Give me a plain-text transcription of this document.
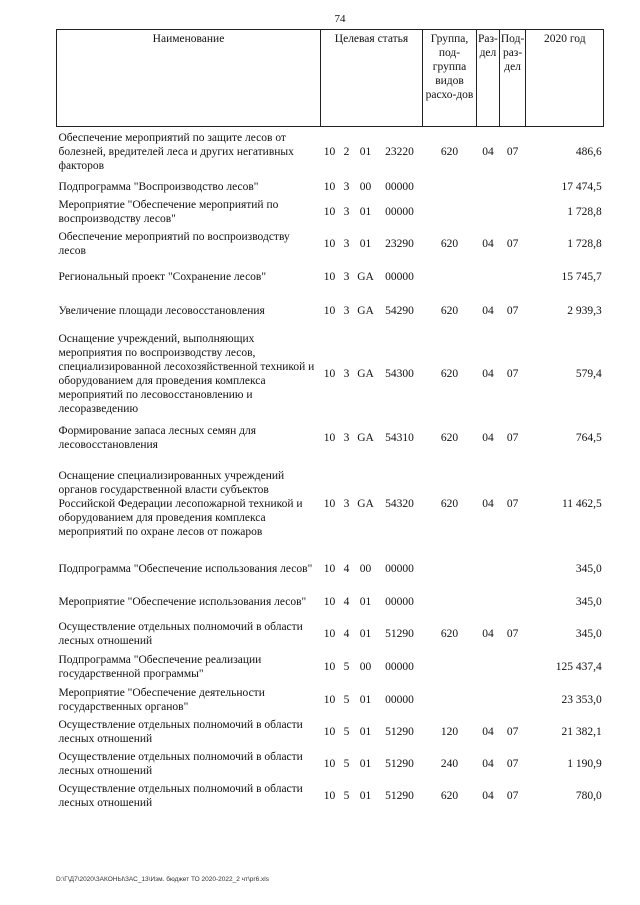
74
Наименование	Целевая статья				Группа, под-группа видов расхо-дов	Раз-дел	Под-раз-дел	2020 год
Обеспечение мероприятий по защите лесов от болезней, вредителей леса и других негативных факторов	10	2	01	23220	620	04	07	486,6
Подпрограмма "Воспроизводство лесов"	10	3	00	00000				17 474,5
Мероприятие "Обеспечение мероприятий по воспроизводству лесов"	10	3	01	00000				1 728,8
Обеспечение мероприятий по воспроизводству лесов	10	3	01	23290	620	04	07	1 728,8
Региональный проект "Сохранение лесов"	10	3	GA	00000				15 745,7
Увеличение площади лесовосстановления	10	3	GA	54290	620	04	07	2 939,3
Оснащение учреждений, выполняющих мероприятия по воспроизводству лесов, специализированной лесохозяйственной техникой и оборудованием для проведения комплекса мероприятий по лесовосстановлению и лесоразведению	10	3	GA	54300	620	04	07	579,4
Формирование запаса лесных семян для лесовосстановления	10	3	GA	54310	620	04	07	764,5
Оснащение специализированных учреждений органов государственной власти субъектов Российской Федерации лесопожарной техникой и оборудованием для проведения комплекса мероприятий по охране лесов от пожаров	10	3	GA	54320	620	04	07	11 462,5
Подпрограмма "Обеспечение использования лесов"	10	4	00	00000				345,0
Мероприятие "Обеспечение использования лесов"	10	4	01	00000				345,0
Осуществление отдельных полномочий в области лесных отношений	10	4	01	51290	620	04	07	345,0
Подпрограмма "Обеспечение реализации государственной программы"	10	5	00	00000				125 437,4
Мероприятие "Обеспечение деятельности государственных органов"	10	5	01	00000				23 353,0
Осуществление отдельных полномочий в области лесных отношений	10	5	01	51290	120	04	07	21 382,1
Осуществление отдельных полномочий в области лесных отношений	10	5	01	51290	240	04	07	1 190,9
Осуществление отдельных полномочий в области лесных отношений	10	5	01	51290	620	04	07	780,0
D:\Г\Д7\2020\ЗАКОНЫ\ЗАС_13\Изм. бюджет ТО 2020-2022_2 чт\pr6.xls
